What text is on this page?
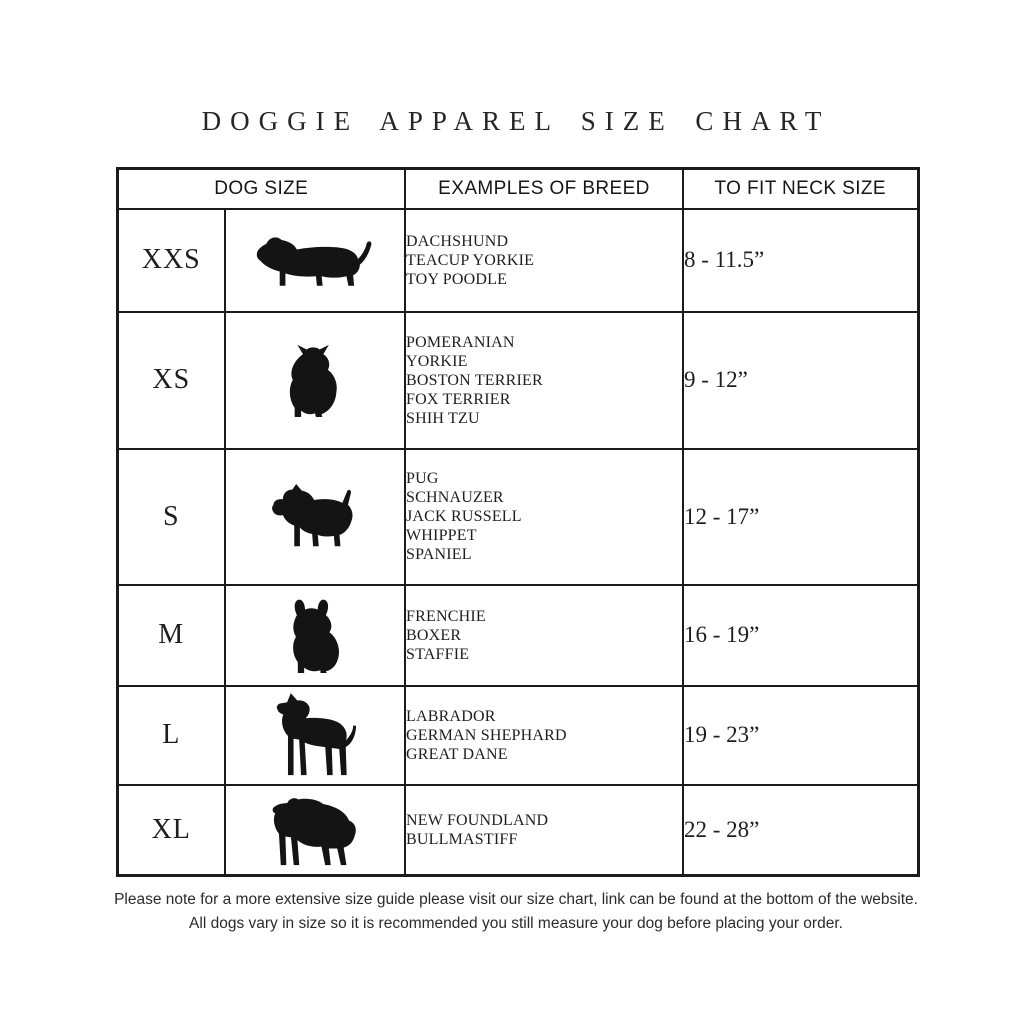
DOGGIE APPAREL SIZE CHART
DOG SIZE		EXAMPLES OF BREED	TO FIT NECK SIZE
XXS		DACHSHUND
TEACUP YORKIE
TOY POODLE	8 - 11.5”
XS		POMERANIAN
YORKIE
BOSTON TERRIER
FOX TERRIER
SHIH TZU	9 - 12”
S		PUG
SCHNAUZER
JACK RUSSELL
WHIPPET
SPANIEL	12 - 17”
M		FRENCHIE
BOXER
STAFFIE	16 - 19”
L		LABRADOR
GERMAN SHEPHARD
GREAT DANE	19 - 23”
XL		NEW FOUNDLAND
BULLMASTIFF	22 - 28”
Please note for a more extensive size guide please visit our size chart, link can be found at the bottom of the website.
All dogs vary in size so it is recommended you still measure your dog before placing your order.
